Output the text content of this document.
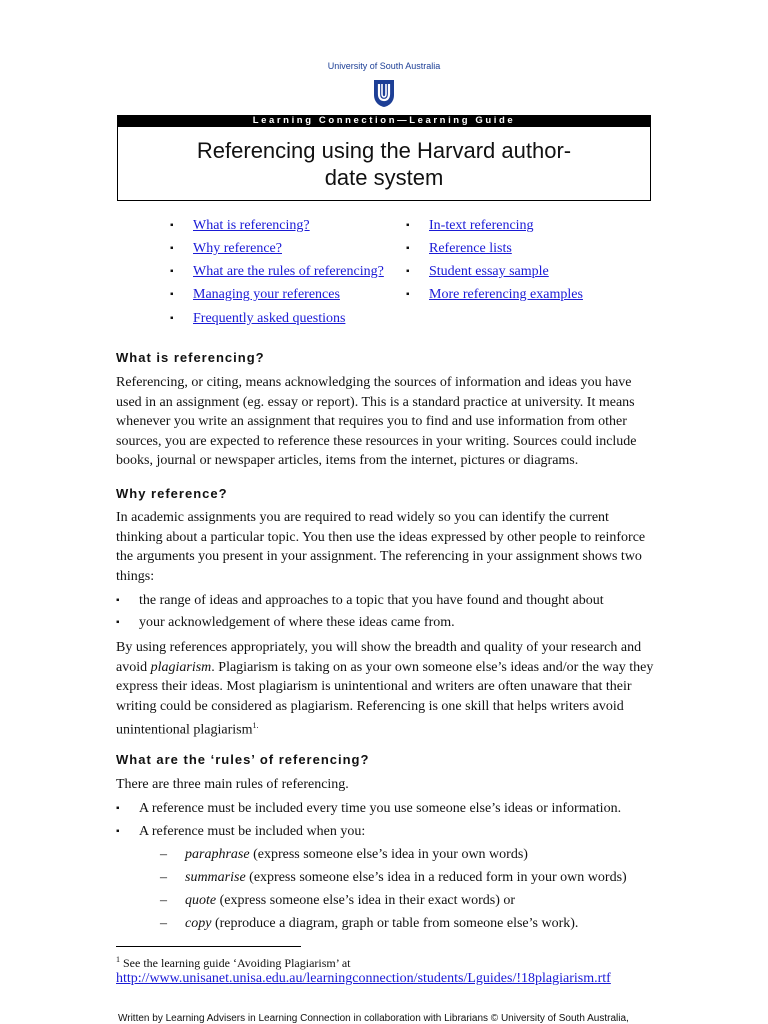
University of South Australia
Learning Connection—Learning Guide
Referencing using the Harvard author-date system
▪ What is referencing?
▪ Why reference?
▪ What are the rules of referencing?
▪ Managing your references
▪ Frequently asked questions
▪ In-text referencing
▪ Reference lists
▪ Student essay sample
▪ More referencing examples
What is referencing?
Referencing, or citing, means acknowledging the sources of information and ideas you have used in an assignment (eg. essay or report). This is a standard practice at university. It means whenever you write an assignment that requires you to find and use information from other sources, you are expected to reference these resources in your writing. Sources could include books, journal or newspaper articles, items from the internet, pictures or diagrams.
Why reference?
In academic assignments you are required to read widely so you can identify the current thinking about a particular topic. You then use the ideas expressed by other people to reinforce the arguments you present in your assignment. The referencing in your assignment shows two things:
▪ the range of ideas and approaches to a topic that you have found and thought about
▪ your acknowledgement of where these ideas came from.
By using references appropriately, you will show the breadth and quality of your research and avoid plagiarism. Plagiarism is taking on as your own someone else’s ideas and/or the way they express their ideas. Most plagiarism is unintentional and writers are often unaware that their writing could be considered as plagiarism. Referencing is one skill that helps writers avoid unintentional plagiarism$^{1.}$
What are the ‘rules’ of referencing?
There are three main rules of referencing.
▪ A reference must be included every time you use someone else’s ideas or information.
▪ A reference must be included when you:
– paraphrase (express someone else’s idea in your own words)
– summarise (express someone else’s idea in a reduced form in your own words)
– quote (express someone else’s idea in their exact words) or
– copy (reproduce a diagram, graph or table from someone else’s work).
$^1$ See the learning guide ‘Avoiding Plagiarism’ at
http://www.unisanet.unisa.edu.au/learningconnection/students/Lguides/!18plagiarism.rtf
Written by Learning Advisers in Learning Connection in collaboration with Librarians © University of South Australia,
